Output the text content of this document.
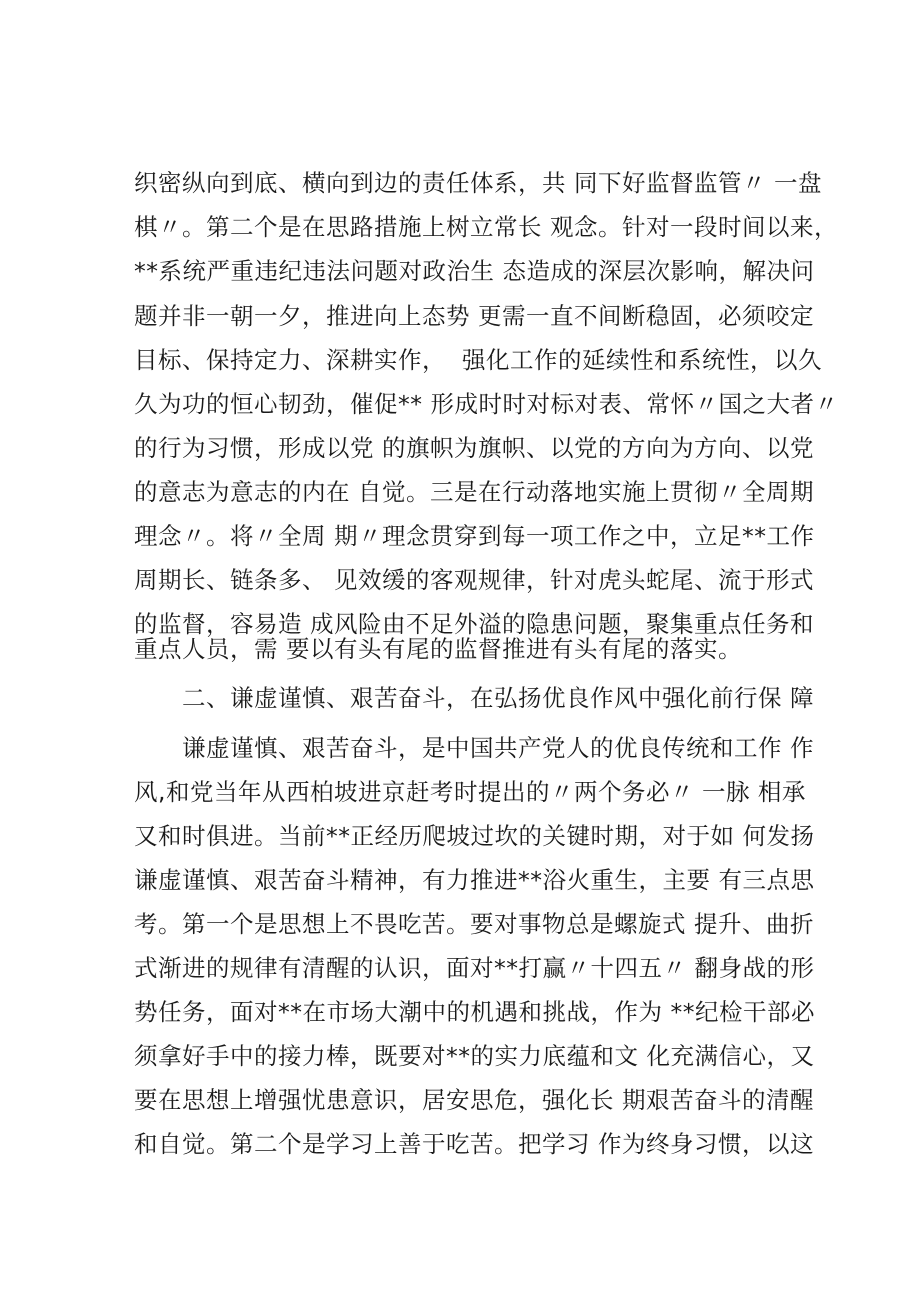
织密纵向到底、横向到边的责任体系，共 同下好监督监管〃 一盘
棋〃。第二个是在思路措施上树立常长 观念。针对一段时间以来，
**系统严重违纪违法问题对政治生 态造成的深层次影响，解决问
题并非一朝一夕，推进向上态势 更需一直不间断稳固，必须咬定
目标、保持定力、深耕实作，  强化工作的延续性和系统性，以久
久为功的恒心韧劲，催促** 形成时时对标对表、常怀〃国之大者〃
的行为习惯，形成以党 的旗帜为旗帜、以党的方向为方向、以党
的意志为意志的内在 自觉。三是在行动落地实施上贯彻〃全周期
理念〃。将〃全周 期〃理念贯穿到每一项工作之中，立足**工作
周期长、链条多、 见效缓的客观规律，针对虎头蛇尾、流于形式
的监督，容易造 成风险由不足外溢的隐患问题，聚集重点任务和
重点人员，需 要以有头有尾的监督推进有头有尾的落实。
二、谦虚谨慎、艰苦奋斗，在弘扬优良作风中强化前行保 障
谦虚谨慎、艰苦奋斗，是中国共产党人的优良传统和工作 作
风,和党当年从西柏坡进京赶考时提出的〃两个务必〃 一脉 相承
又和时俱进。当前**正经历爬坡过坎的关键时期，对于如 何发扬
谦虚谨慎、艰苦奋斗精神，有力推进**浴火重生，主要 有三点思
考。第一个是思想上不畏吃苦。要对事物总是螺旋式 提升、曲折
式渐进的规律有清醒的认识，面对**打赢〃十四五〃 翻身战的形
势任务，面对**在市场大潮中的机遇和挑战，作为 **纪检干部必
须拿好手中的接力棒，既要对**的实力底蕴和文 化充满信心，又
要在思想上增强忧患意识，居安思危，强化长 期艰苦奋斗的清醒
和自觉。第二个是学习上善于吃苦。把学习 作为终身习惯，以这
